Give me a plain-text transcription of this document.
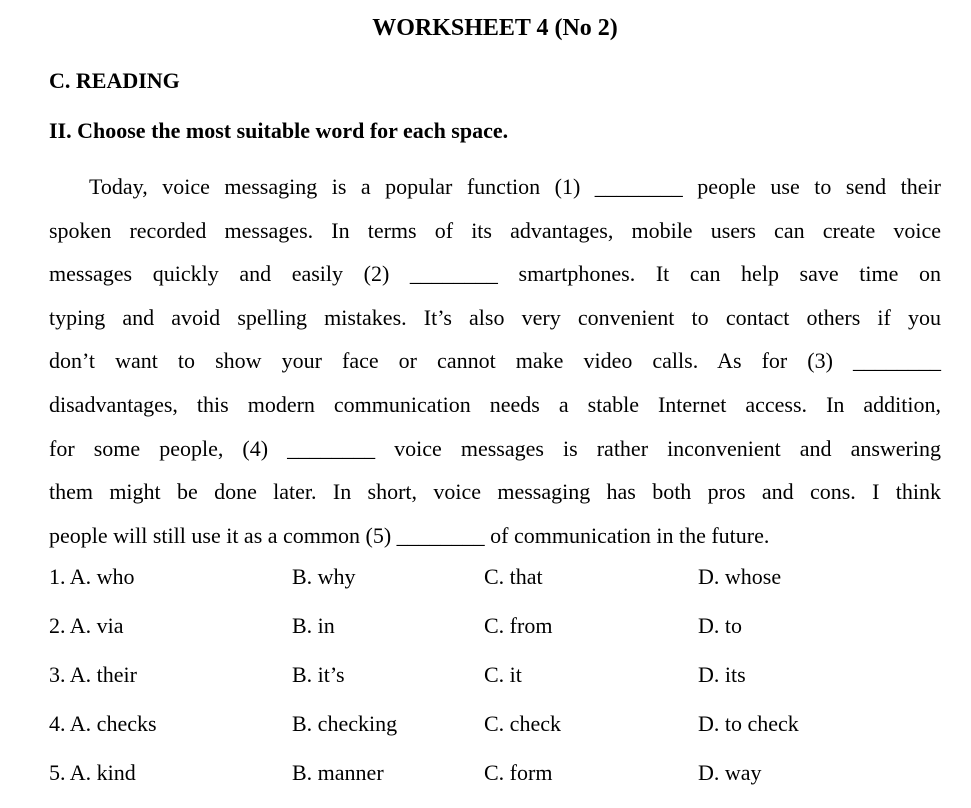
WORKSHEET 4 (No 2)
C. READING
II. Choose the most suitable word for each space.
Today, voice messaging is a popular function (1) ________ people use to send their
spoken recorded messages. In terms of its advantages, mobile users can create voice
messages quickly and easily (2) ________ smartphones. It can help save time on
typing and avoid spelling mistakes. It’s also very convenient to contact others if you
don’t want to show your face or cannot make video calls. As for (3) ________
disadvantages, this modern communication needs a stable Internet access. In addition,
for some people, (4) ________ voice messages is rather inconvenient and answering
them might be done later. In short, voice messaging has both pros and cons. I think
people will still use it as a common (5) ________ of communication in the future.
1. A. who	B. why	C. that	D. whose
2. A. via	B. in	C. from	D. to
3. A. their	B. it’s	C. it	D. its
4. A. checks	B. checking	C. check	D. to check
5. A. kind	B. manner	C. form	D. way
